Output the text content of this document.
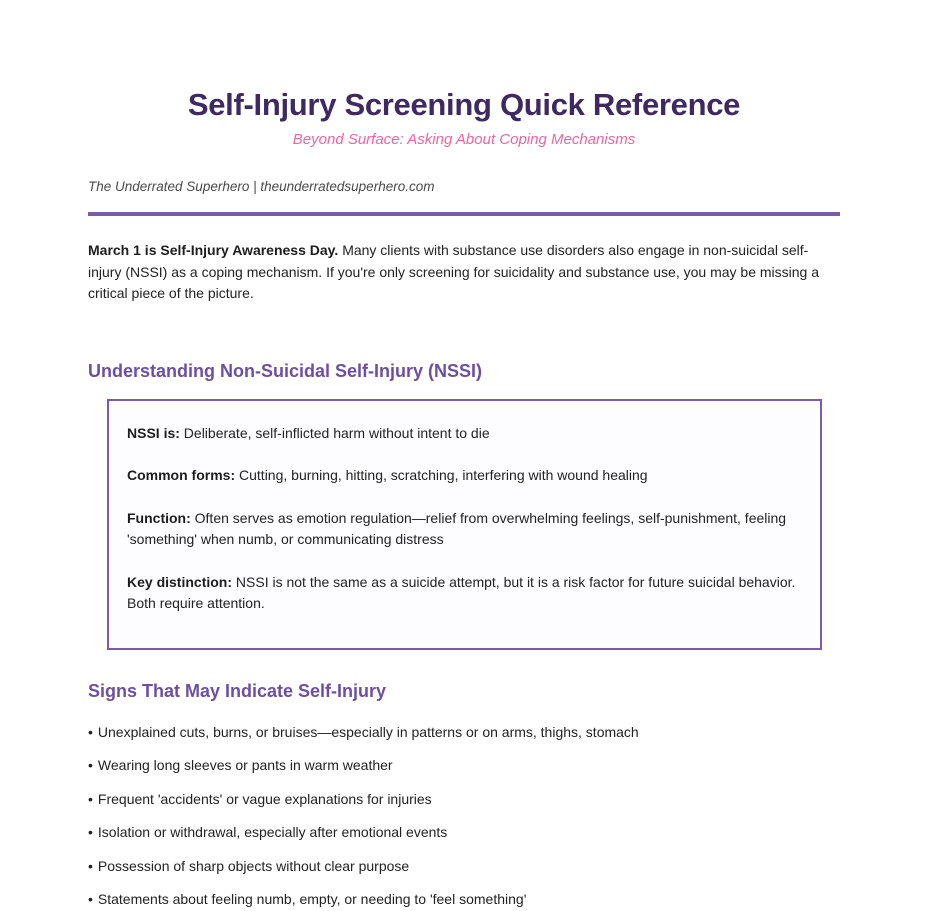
Self-Injury Screening Quick Reference

Beyond Surface: Asking About Coping Mechanisms

The Underrated Superhero | theunderratedsuperhero.com

March 1 is Self-Injury Awareness Day. Many clients with substance use disorders also engage in non-suicidal self-injury (NSSI) as a coping mechanism. If you're only screening for suicidality and substance use, you may be missing a critical piece of the picture.

Understanding Non-Suicidal Self-Injury (NSSI)

NSSI is: Deliberate, self-inflicted harm without intent to die

Common forms: Cutting, burning, hitting, scratching, interfering with wound healing

Function: Often serves as emotion regulation—relief from overwhelming feelings, self-punishment, feeling 'something' when numb, or communicating distress

Key distinction: NSSI is not the same as a suicide attempt, but it is a risk factor for future suicidal behavior. Both require attention.

Signs That May Indicate Self-Injury

• Unexplained cuts, burns, or bruises—especially in patterns or on arms, thighs, stomach

• Wearing long sleeves or pants in warm weather

• Frequent 'accidents' or vague explanations for injuries

• Isolation or withdrawal, especially after emotional events

• Possession of sharp objects without clear purpose

• Statements about feeling numb, empty, or needing to 'feel something'
